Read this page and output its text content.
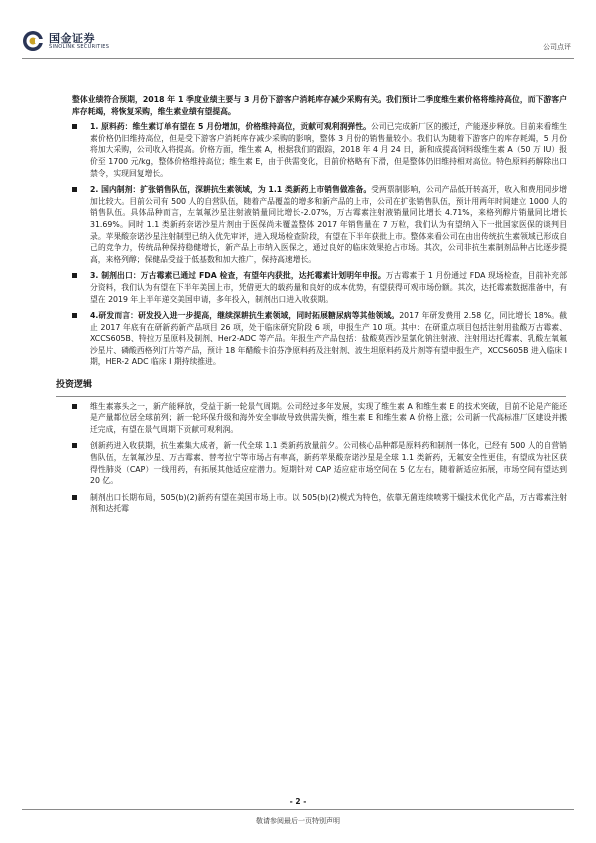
国金证券
SINOLINK SECURITIES	公司点评

整体业绩符合预期，2018 年 1 季度业绩主要与 3 月份下游客户消耗库存减少采购有关。我们预计二季度维生素价格将维持高位，而下游客户库存耗竭，将恢复采购，维生素业绩有望提高。

1. 原料药：维生素订单有望在 5 月份增加，价格维持高位，贡献可观利润弹性。公司已完成新厂区的搬迁，产能逐步释放。目前来看维生素价格仍旧维持高位，但是受下游客户消耗库存减少采购的影响，整体 3 月份的销售量较小。我们认为随着下游客户的库存耗竭，5 月份将加大采购，公司收入将提高。价格方面，维生素 A，根据我们的跟踪，2018 年 4 月 24 日，新和成提高饲料级维生素 A（50 万 IU）报价至 1700 元/kg，整体价格维持高位；维生素 E，由于供需变化，目前价格略有下滑，但是整体仍旧维持相对高位。特色原料药解除出口禁令，实现回复增长。
2. 国内制剂：扩张销售队伍，深耕抗生素领域，为 1.1 类新药上市销售做准备。受两票制影响，公司产品低开转高开，收入和费用同步增加比较大。目前公司有 500 人的自营队伍，随着产品覆盖的增多和新产品的上市，公司在扩张销售队伍，预计用两年时间建立 1000 人的销售队伍。具体品种而言，左氧氟沙星注射液销量同比增长-2.07%，万古霉素注射液销量同比增长 4.71%，来格列醇片销量同比增长 31.69%。同时 1.1 类新药奈诺沙星片剂由于医保尚未覆盖整体 2017 年销售量在 7 万粒，我们认为有望纳入下一批国家医保的谈判目录。苹果酸奈诺沙星注射制型已纳入优先审评，进入现场检查阶段，有望在下半年获批上市。整体来看公司在由出传统抗生素领域已形成自己的竞争力，传统品种保持稳健增长，新产品上市纳入医保之，通过良好的临床效果抢占市场。其次，公司非抗生素制剂品种占比逐步提高，来格列醇；保健品受益于低基数和加大推广，保持高速增长。
3. 制剂出口：万古霉素已通过 FDA 检查，有望年内获批，达托霉素计划明年申报。万古霉素于 1 月份通过 FDA 现场检查，目前补充部分资料，我们认为有望在下半年美国上市，凭借更大的载药量和良好的成本优势，有望获得可观市场份额。其次，达托霉素数据准备中，有望在 2019 年上半年递交美国申请，多年投入，制剂出口进入收获期。
4.研发而言：研发投入进一步提高，继续深耕抗生素领域，同时拓展糖尿病等其他领域。2017 年研发费用 2.58 亿，同比增长 18%。截止 2017 年底有在研新药新产品项目 26 项，处于临床研究阶段 6 项，申报生产 10 项。其中：在研重点项目包括注射用盐酸万古霉素、XCCS605B、特拉万星原料及制剂、Her2-ADC 等产品。年报生产产品包括：盐酸莫西沙星氯化钠注射液、注射用达托霉素、乳酸左氧氟沙星片、磷酸西格列汀片等产品，预计 18 年醋酸卡泊芬净原料药及注射剂、波生坦原料药及片剂等有望申报生产，XCCS605B 进入临床 I 期，HER-2 ADC 临床 I 期持续推进。
投资逻辑
维生素寡头之一，新产能释放，受益于新一轮景气周期。公司经过多年发展，实现了维生素 A 和维生素 E 的技术突破，目前不论是产能还是产量都位居全球前列；新一轮环保升级和海外安全事故导致供需失衡，维生素 E 和维生素 A 价格上涨；公司新一代高标准厂区建设并搬迁完成，有望在景气周期下贡献可观利润。
创新药进入收获期，抗生素集大成者，新一代全球 1.1 类新药放量前夕。公司核心品种都是原料药和制剂一体化，已经有 500 人的自营销售队伍，左氧氟沙星、万古霉素、替考拉宁等市场占有率高，新药苹果酸奈诺沙星是全球 1.1 类新药，无氟安全性更佳，有望成为社区获得性肺炎（CAP）一线用药，有拓展其他适应症潜力。短期针对 CAP 适应症市场空间在 5 亿左右，随着新适应拓展，市场空间有望达到 20 亿。
制剂出口长期布局，505(b)(2)新药有望在美国市场上市。以 505(b)(2)模式为特色，依靠无菌连续喷雾干燥技术优化产品，万古霉素注射剂和达托霉
- 2 -
敬请参阅最后一页特别声明
